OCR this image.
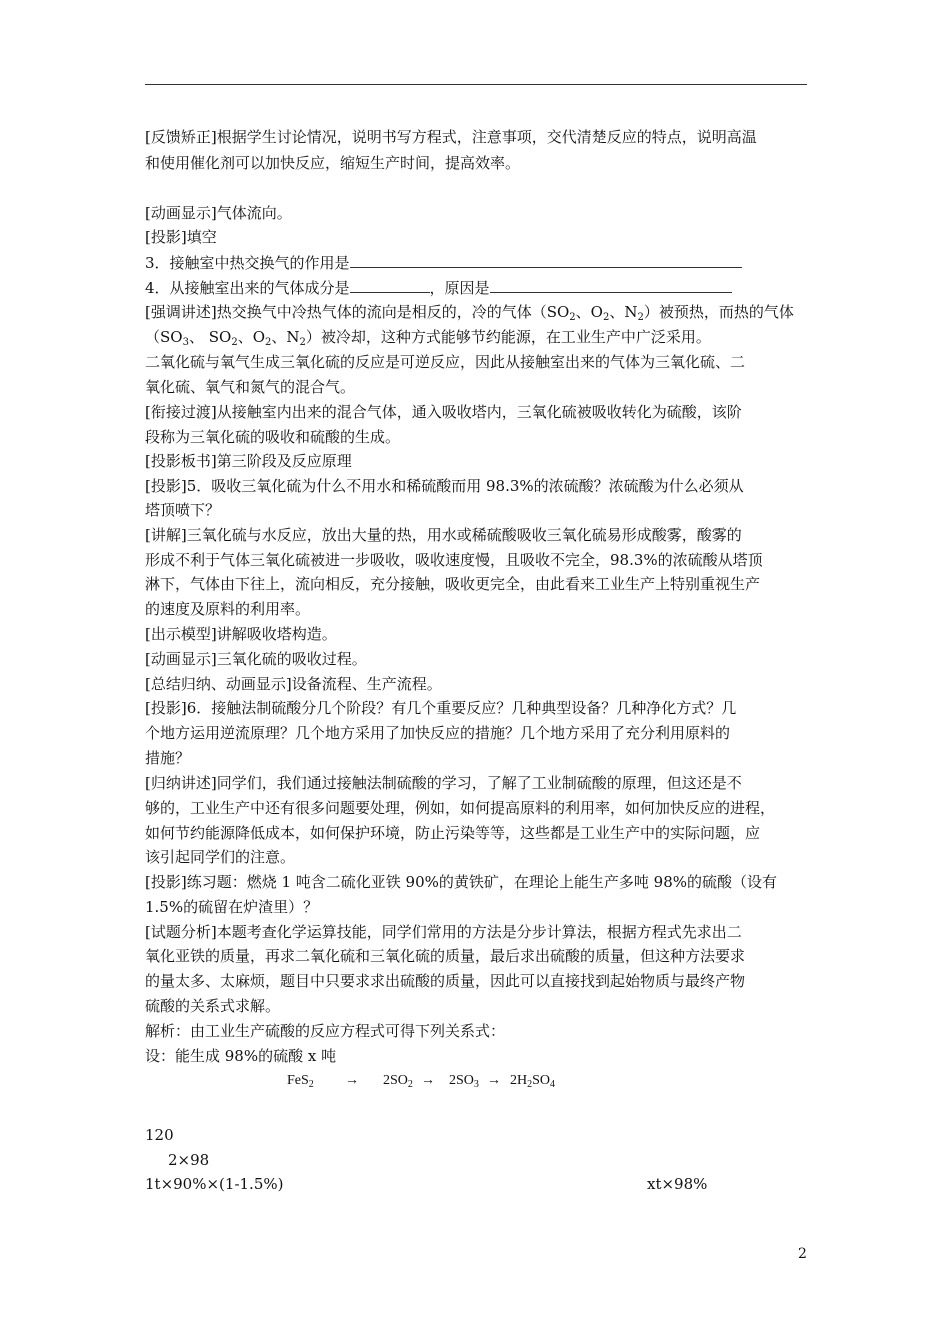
[反馈矫正]根据学生讨论情况，说明书写方程式，注意事项，交代清楚反应的特点，说明高温
和使用催化剂可以加快反应，缩短生产时间，提高效率。
[动画显示]气体流向。
[投影]填空
3．接触室中热交换气的作用是
4．从接触室出来的气体成分是	，原因是
[强调讲述]热交换气中冷热气体的流向是相反的，冷的气体（$SO_2$、$O_2$、$N_2$）被预热，而热的气体
（$SO_3$、 $SO_2$、$O_2$、$N_2$）被冷却，这种方式能够节约能源，在工业生产中广泛采用。
二氧化硫与氧气生成三氧化硫的反应是可逆反应，因此从接触室出来的气体为三氧化硫、二
氧化硫、氧气和氮气的混合气。
[衔接过渡]从接触室内出来的混合气体，通入吸收塔内，三氧化硫被吸收转化为硫酸，该阶
段称为三氧化硫的吸收和硫酸的生成。
[投影板书]第三阶段及反应原理
[投影]5．吸收三氧化硫为什么不用水和稀硫酸而用 98.3%的浓硫酸？浓硫酸为什么必须从
塔顶喷下？
[讲解]三氧化硫与水反应，放出大量的热，用水或稀硫酸吸收三氧化硫易形成酸雾，酸雾的
形成不利于气体三氧化硫被进一步吸收，吸收速度慢，且吸收不完全，98.3%的浓硫酸从塔顶
淋下，气体由下往上，流向相反，充分接触，吸收更完全，由此看来工业生产上特别重视生产
的速度及原料的利用率。
[出示模型]讲解吸收塔构造。
[动画显示]三氧化硫的吸收过程。
[总结归纳、动画显示]设备流程、生产流程。
[投影]6．接触法制硫酸分几个阶段？有几个重要反应？几种典型设备？几种净化方式？几
个地方运用逆流原理？几个地方采用了加快反应的措施？几个地方采用了充分利用原料的
措施？
[归纳讲述]同学们，我们通过接触法制硫酸的学习，了解了工业制硫酸的原理，但这还是不
够的，工业生产中还有很多问题要处理，例如，如何提高原料的利用率，如何加快反应的进程，
如何节约能源降低成本，如何保护环境，防止污染等等，这些都是工业生产中的实际问题，应
该引起同学们的注意。
[投影]练习题：燃烧 1 吨含二硫化亚铁 90%的黄铁矿，在理论上能生产多吨 98%的硫酸（设有
1.5%的硫留在炉渣里）？
[试题分析]本题考查化学运算技能，同学们常用的方法是分步计算法，根据方程式先求出二
氧化亚铁的质量，再求二氧化硫和三氧化硫的质量，最后求出硫酸的质量，但这种方法要求
的量太多、太麻烦，题目中只要求求出硫酸的质量，因此可以直接找到起始物质与最终产物
硫酸的关系式求解。
解析：由工业生产硫酸的反应方程式可得下列关系式：
设：能生成 98%的硫酸 x 吨
$FeS_2 \to 2SO_2 \to 2SO_3 \to 2H_2SO_4$
120
2×98
1t×90%×(1-1.5%)	xt×98%
2
